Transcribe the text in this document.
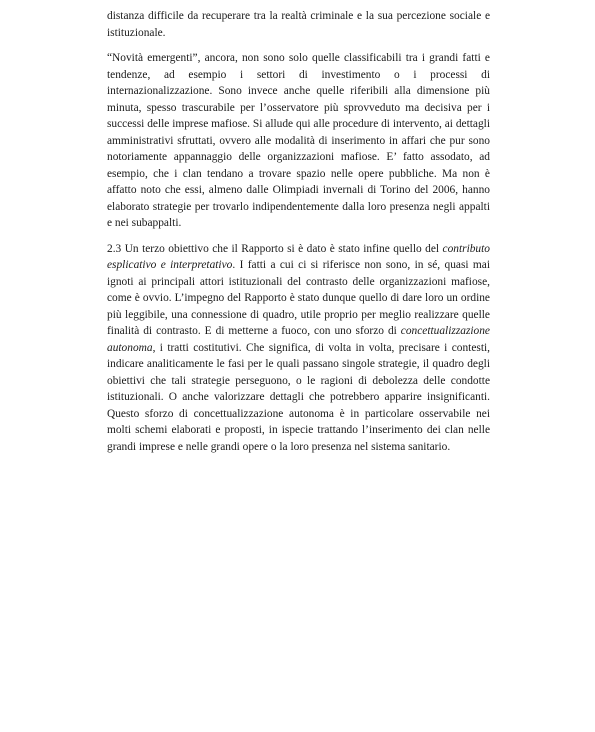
distanza difficile da recuperare tra la realtà criminale e la sua percezione sociale e istituzionale.

“Novità emergenti”, ancora, non sono solo quelle classificabili tra i grandi fatti e tendenze, ad esempio i settori di investimento o i processi di internazionalizzazione. Sono invece anche quelle riferibili alla dimensione più minuta, spesso trascurabile per l’osservatore più sprovveduto ma decisiva per i successi delle imprese mafiose. Si allude qui alle procedure di intervento, ai dettagli amministrativi sfruttati, ovvero alle modalità di inserimento in affari che pur sono notoriamente appannaggio delle organizzazioni mafiose. E’ fatto assodato, ad esempio, che i clan tendano a trovare spazio nelle opere pubbliche. Ma non è affatto noto che essi, almeno dalle Olimpiadi invernali di Torino del 2006, hanno elaborato strategie per trovarlo indipendentemente dalla loro presenza negli appalti e nei subappalti.

2.3 Un terzo obiettivo che il Rapporto si è dato è stato infine quello del contributo esplicativo e interpretativo. I fatti a cui ci si riferisce non sono, in sé, quasi mai ignoti ai principali attori istituzionali del contrasto delle organizzazioni mafiose, come è ovvio. L’impegno del Rapporto è stato dunque quello di dare loro un ordine più leggibile, una connessione di quadro, utile proprio per meglio realizzare quelle finalità di contrasto. E di metterne a fuoco, con uno sforzo di concettualizzazione autonoma, i tratti costitutivi. Che significa, di volta in volta, precisare i contesti, indicare analiticamente le fasi per le quali passano singole strategie, il quadro degli obiettivi che tali strategie perseguono, o le ragioni di debolezza delle condotte istituzionali. O anche valorizzare dettagli che potrebbero apparire insignificanti. Questo sforzo di concettualizzazione autonoma è in particolare osservabile nei molti schemi elaborati e proposti, in ispecie trattando l’inserimento dei clan nelle grandi imprese e nelle grandi opere o la loro presenza nel sistema sanitario.
